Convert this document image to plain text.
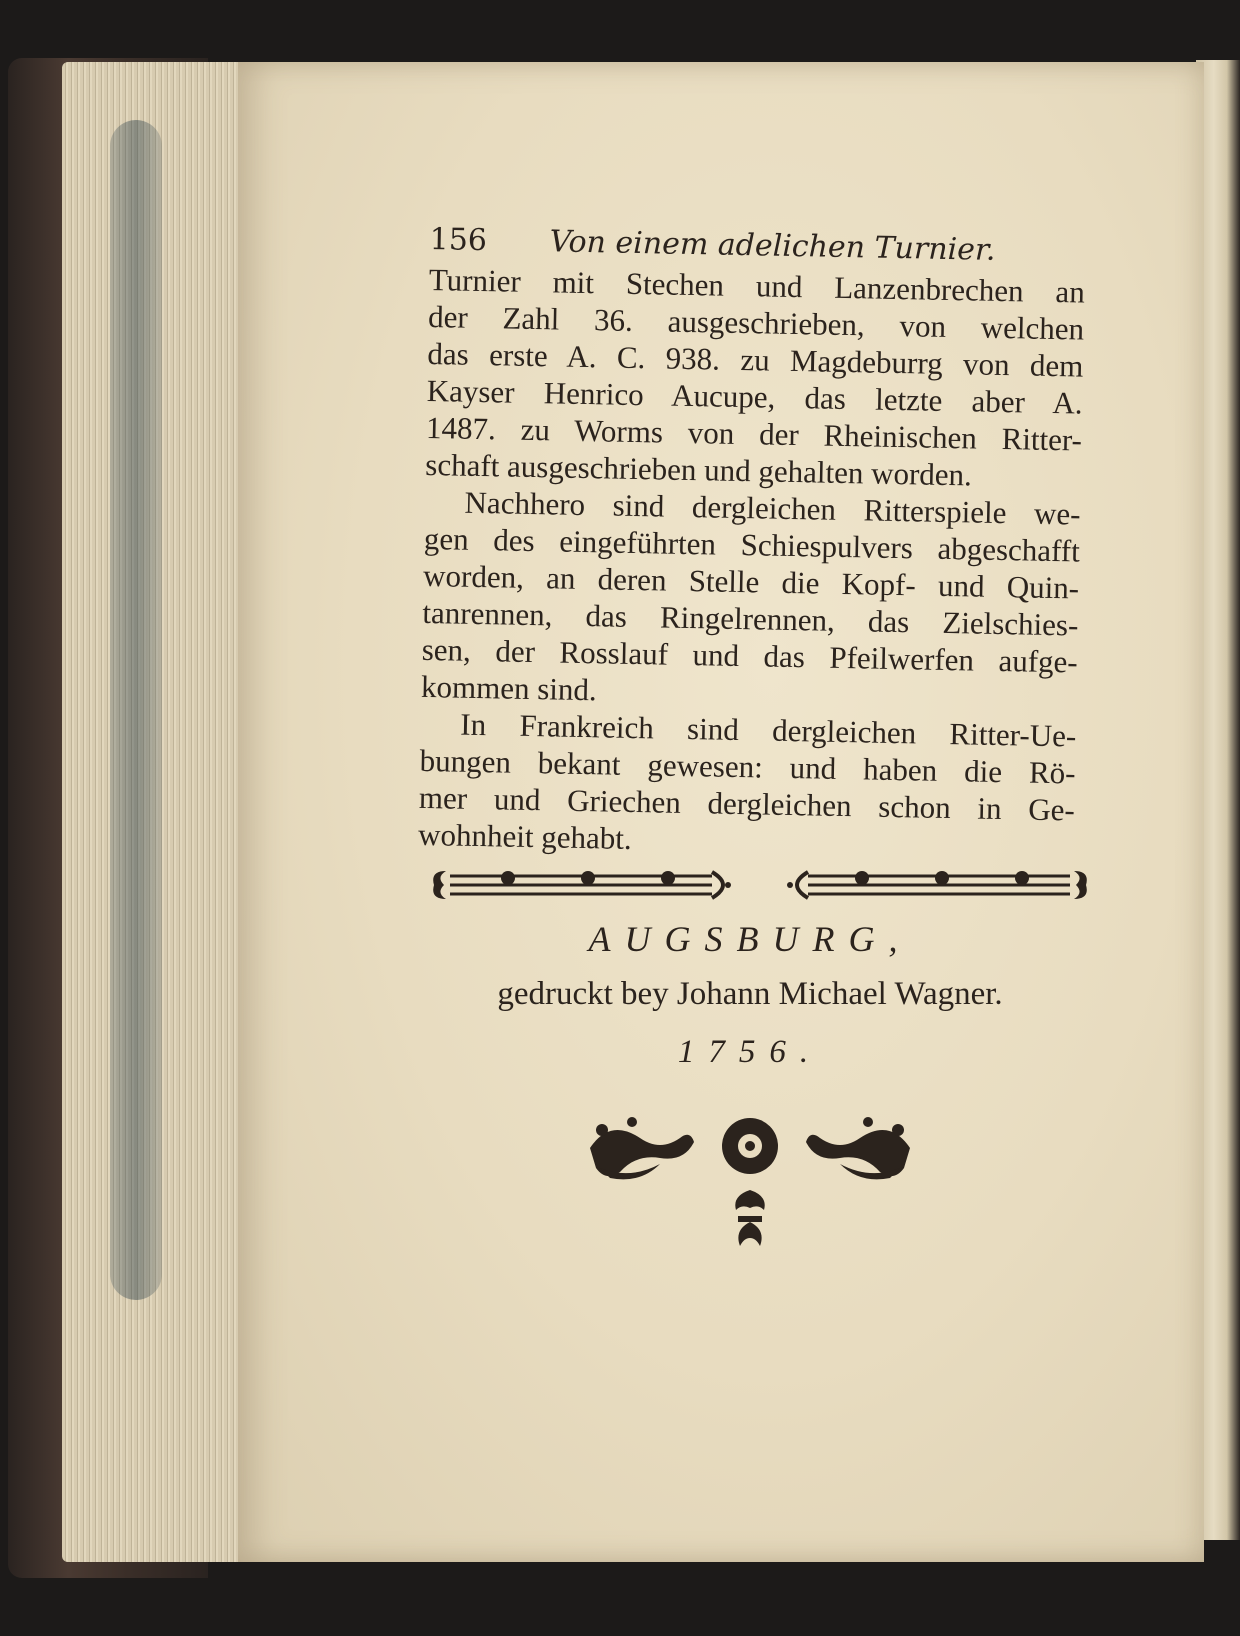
156	Von einem adelichen Turnier.
Turnier mit Stechen und Lanzenbrechen an
der Zahl 36. ausgeschrieben, von welchen
das erste A. C. 938. zu Magdeburrg von dem
Kayser Henrico Aucupe, das letzte aber A.
1487. zu Worms von der Rheinischen Ritter-
schaft ausgeschrieben und gehalten worden.
Nachhero sind dergleichen Ritterspiele we-
gen des eingeführten Schiespulvers abgeschafft
worden, an deren Stelle die Kopf- und Quin-
tanrennen, das Ringelrennen, das Zielschies-
sen, der Rosslauf und das Pfeilwerfen aufge-
kommen sind.
In Frankreich sind dergleichen Ritter-Ue-
bungen bekant gewesen: und haben die Rö-
mer und Griechen dergleichen schon in Ge-
wohnheit gehabt.
AUGSBURG,
gedruckt bey Johann Michael Wagner.
1756.
